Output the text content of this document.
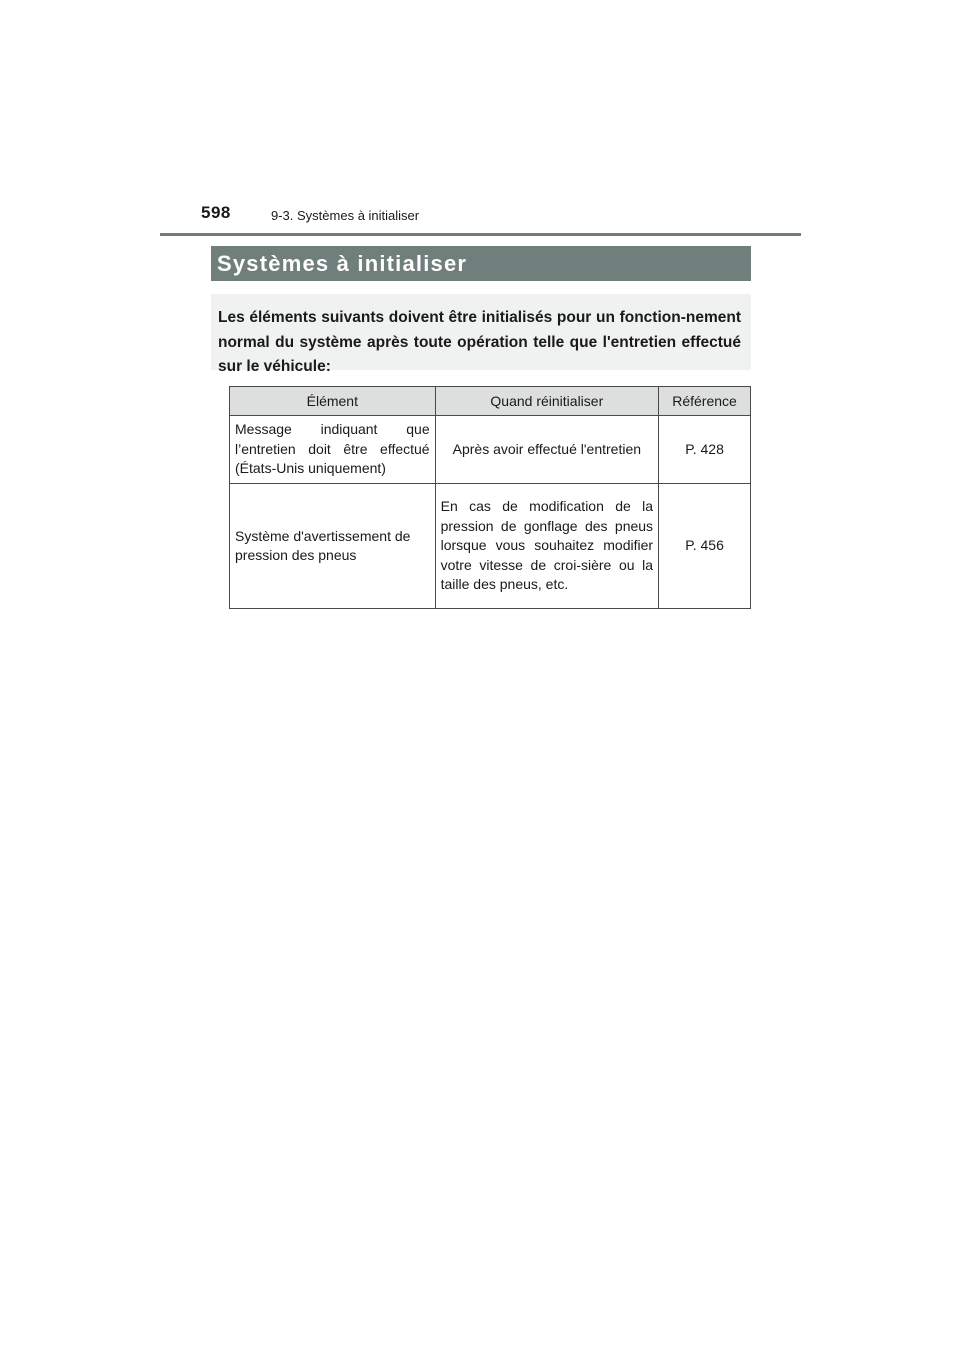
598	9-3. Systèmes à initialiser
Systèmes à initialiser

Les éléments suivants doivent être initialisés pour un fonction-nement normal du système après toute opération telle que l'entretien effectué sur le véhicule:

Élément	Quand réinitialiser	Référence
Message indiquant que l’entretien doit être effectué (États-Unis uniquement)	Après avoir effectué l'entretien	P. 428
Système d'avertissement de pression des pneus	En cas de modification de la pression de gonflage des pneus lorsque vous souhaitez modifier votre vitesse de croi-sière ou la taille des pneus, etc.	P. 456
